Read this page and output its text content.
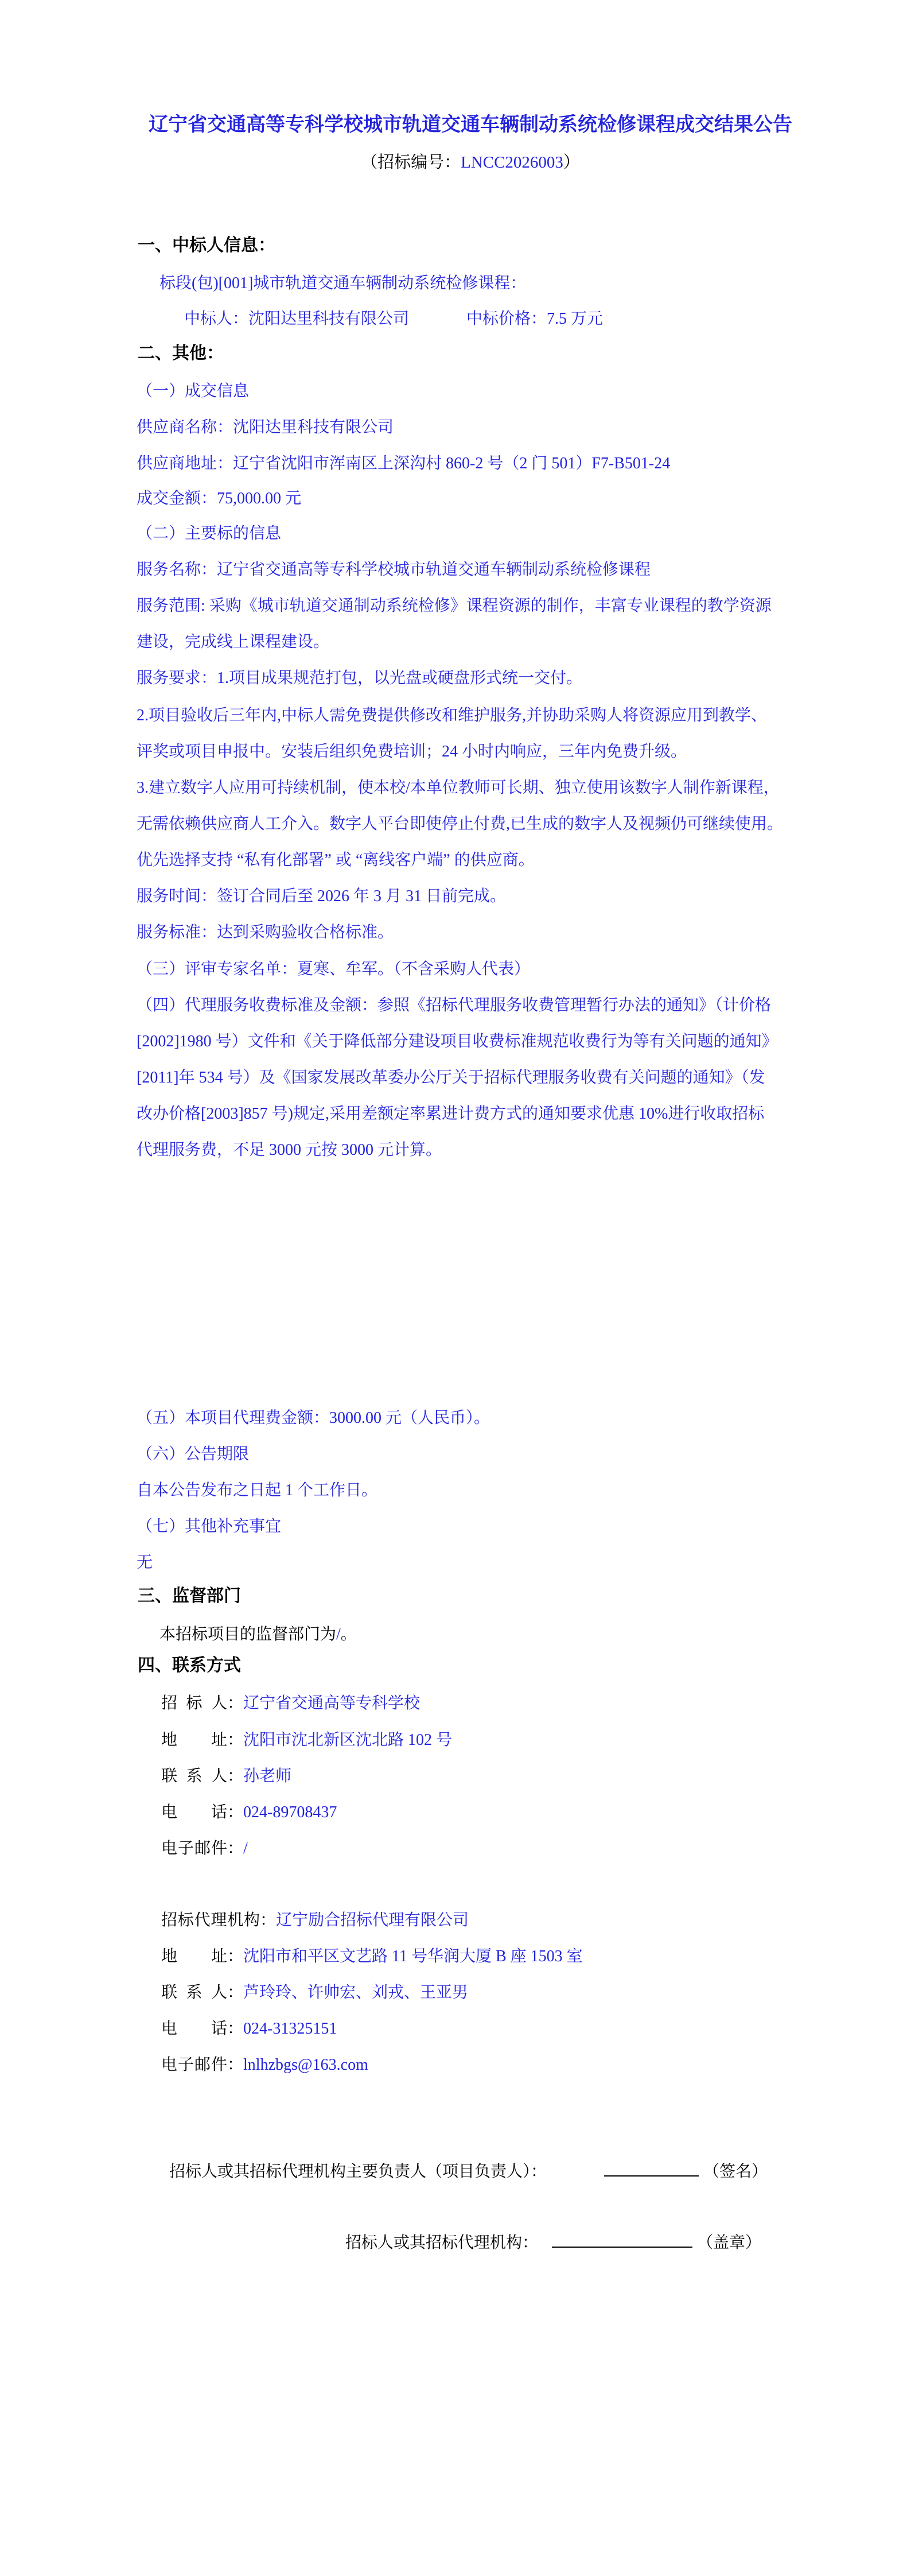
辽宁省交通高等专科学校城市轨道交通车辆制动系统检修课程成交结果公告
（招标编号：LNCC2026003）
一、中标人信息：
标段(包)[001]城市轨道交通车辆制动系统检修课程：
中标人：沈阳达里科技有限公司	中标价格：7.5 万元
二、其他：
（一）成交信息
供应商名称：沈阳达里科技有限公司
供应商地址：辽宁省沈阳市浑南区上深沟村 860-2 号（2 门 501）F7-B501-24
成交金额：75,000.00 元
（二）主要标的信息
服务名称：辽宁省交通高等专科学校城市轨道交通车辆制动系统检修课程
服务范围: 采购《城市轨道交通制动系统检修》课程资源的制作，丰富专业课程的教学资源
建设，完成线上课程建设。
服务要求：1.项目成果规范打包，以光盘或硬盘形式统一交付。
2.项目验收后三年内,中标人需免费提供修改和维护服务,并协助采购人将资源应用到教学、
评奖或项目申报中。安装后组织免费培训；24 小时内响应，三年内免费升级。
3.建立数字人应用可持续机制，使本校/本单位教师可长期、独立使用该数字人制作新课程，
无需依赖供应商人工介入。数字人平台即使停止付费,已生成的数字人及视频仍可继续使用。
优先选择支持 “私有化部署” 或 “离线客户端” 的供应商。
服务时间：签订合同后至 2026 年 3 月 31 日前完成。
服务标准：达到采购验收合格标准。
（三）评审专家名单：夏寒、牟军。（不含采购人代表）
（四）代理服务收费标准及金额：参照《招标代理服务收费管理暂行办法的通知》（计价格
[2002]1980 号）文件和《关于降低部分建设项目收费标准规范收费行为等有关问题的通知》
[2011]年 534 号）及《国家发展改革委办公厅关于招标代理服务收费有关问题的通知》（发
改办价格[2003]857 号)规定,采用差额定率累进计费方式的通知要求优惠 10%进行收取招标
代理服务费，不足 3000 元按 3000 元计算。
（五）本项目代理费金额：3000.00 元（人民币）。
（六）公告期限
自本公告发布之日起 1 个工作日。
（七）其他补充事宜
无
三、监督部门
本招标项目的监督部门为/。
四、联系方式
招标人：辽宁省交通高等专科学校
地址：沈阳市沈北新区沈北路 102 号
联系人：孙老师
电话：024-89708437
电子邮件：/
招标代理机构：辽宁励合招标代理有限公司
地址：沈阳市和平区文艺路 11 号华润大厦 B 座 1503 室
联系人：芦玲玲、许帅宏、刘戎、王亚男
电话：024-31325151
电子邮件：lnlhzbgs@163.com
招标人或其招标代理机构主要负责人（项目负责人）：	（签名）
招标人或其招标代理机构：	（盖章）
